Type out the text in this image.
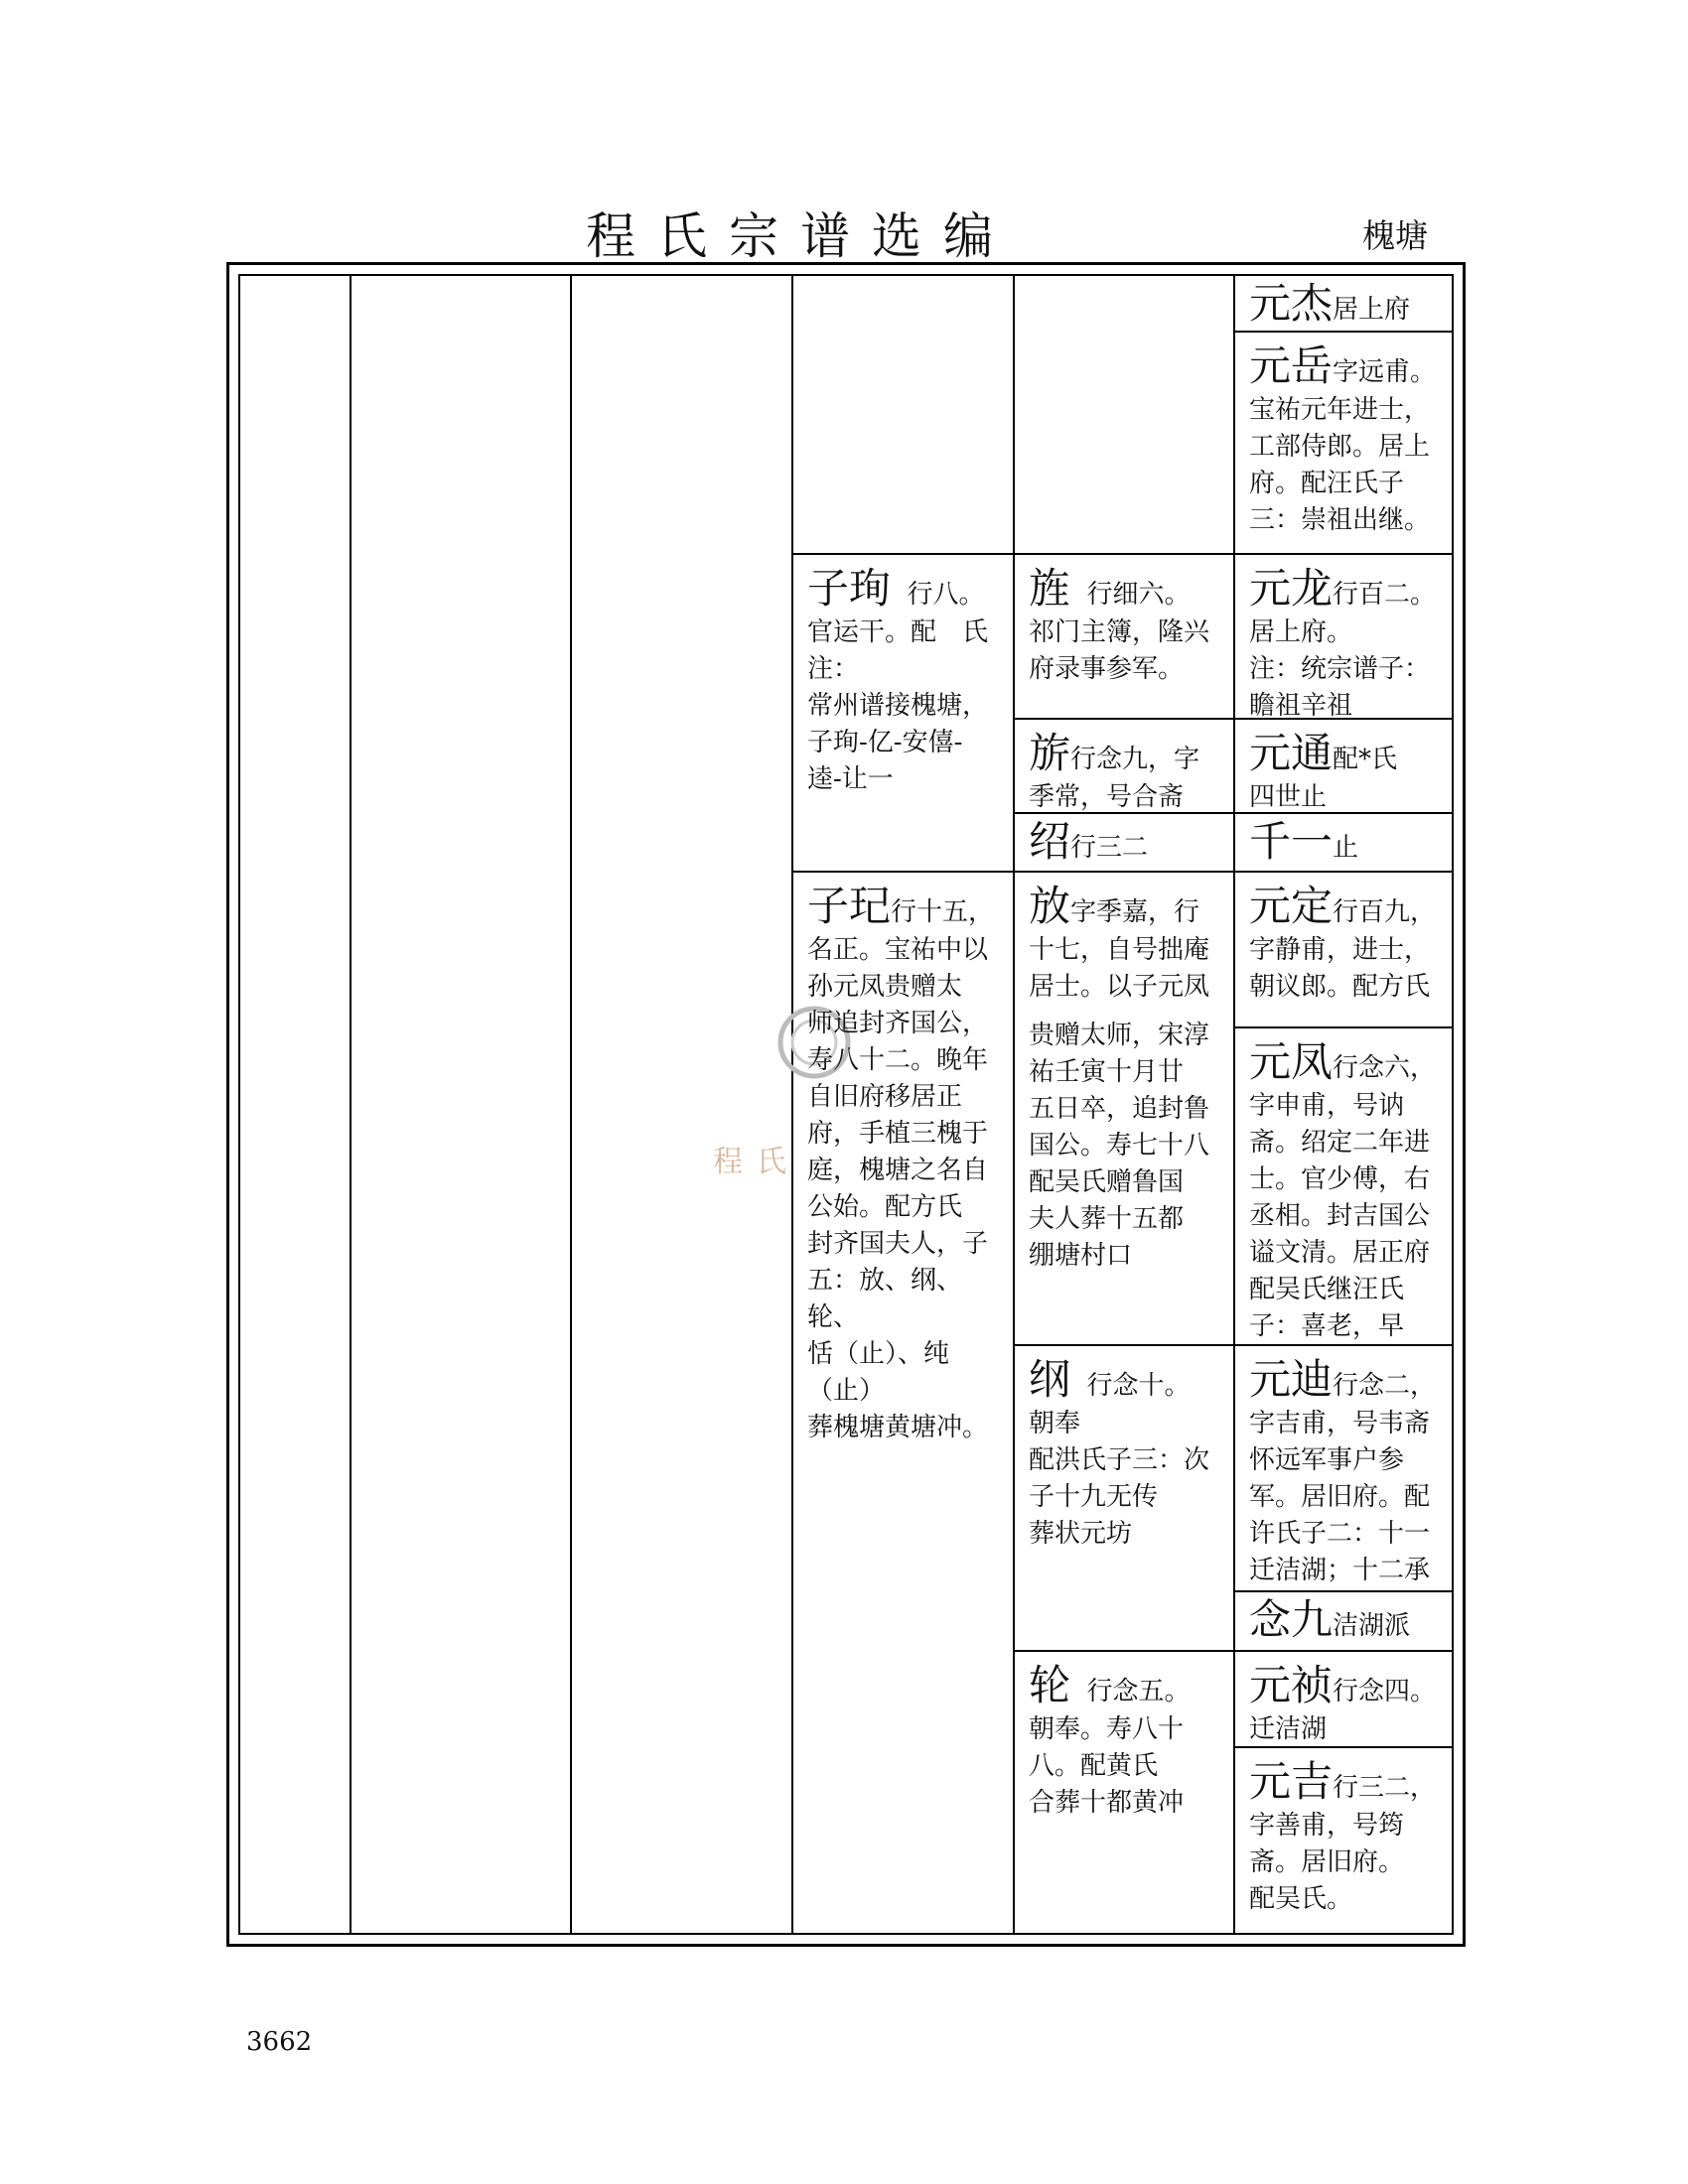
程氏宗谱选编	槐塘
程氏
元杰居上府
元岳字远甫。

宝祐元年进士，

工部侍郎。居上

府。配汪氏子

三：崇祖出继。

元龙行百二。

居上府。

注：统宗谱子：

瞻祖辛祖

元通配*氏

四世止

千一止
元定行百九，

字静甫，进士，

朝议郎。配方氏

元凤行念六，

字申甫，号讷

斋。绍定二年进

士。官少傅，右

丞相。封吉国公

谥文清。居正府

配吴氏继汪氏

子：喜老，早

元迪行念二，

字吉甫，号韦斋

怀远军事户参

军。居旧府。配

许氏子二：十一

迁洁湖；十二承

念九洁湖派
元祯行念四。

迁洁湖

元吉行三二，

字善甫，号筠

斋。居旧府。

配吴氏。

旌 行细六。

祁门主簿，隆兴

府录事参军。

旂行念九，字

季常，号合斋

绍行三二
放字季嘉，行

十七，自号拙庵

居士。以子元凤

贵赠太师，宋淳

祐壬寅十月廿

五日卒，追封鲁

国公。寿七十八

配吴氏赠鲁国

夫人葬十五都

绷塘村口

纲 行念十。

朝奉

配洪氏子三：次

子十九无传

葬状元坊

轮 行念五。

朝奉。寿八十

八。配黄氏

合葬十都黄冲

子珣 行八。

官运干。配　氏

注：

常州谱接槐塘，

子珣-亿-安僖-

逵-让一

子玘行十五，

名正。宝祐中以

孙元凤贵赠太

师追封齐国公，

寿八十二。晚年

自旧府移居正

府，手植三槐于

庭，槐塘之名自

公始。配方氏

封齐国夫人，子

五：放、纲、轮、

恬（止）、纯（止）

葬槐塘黄塘冲。

3662
